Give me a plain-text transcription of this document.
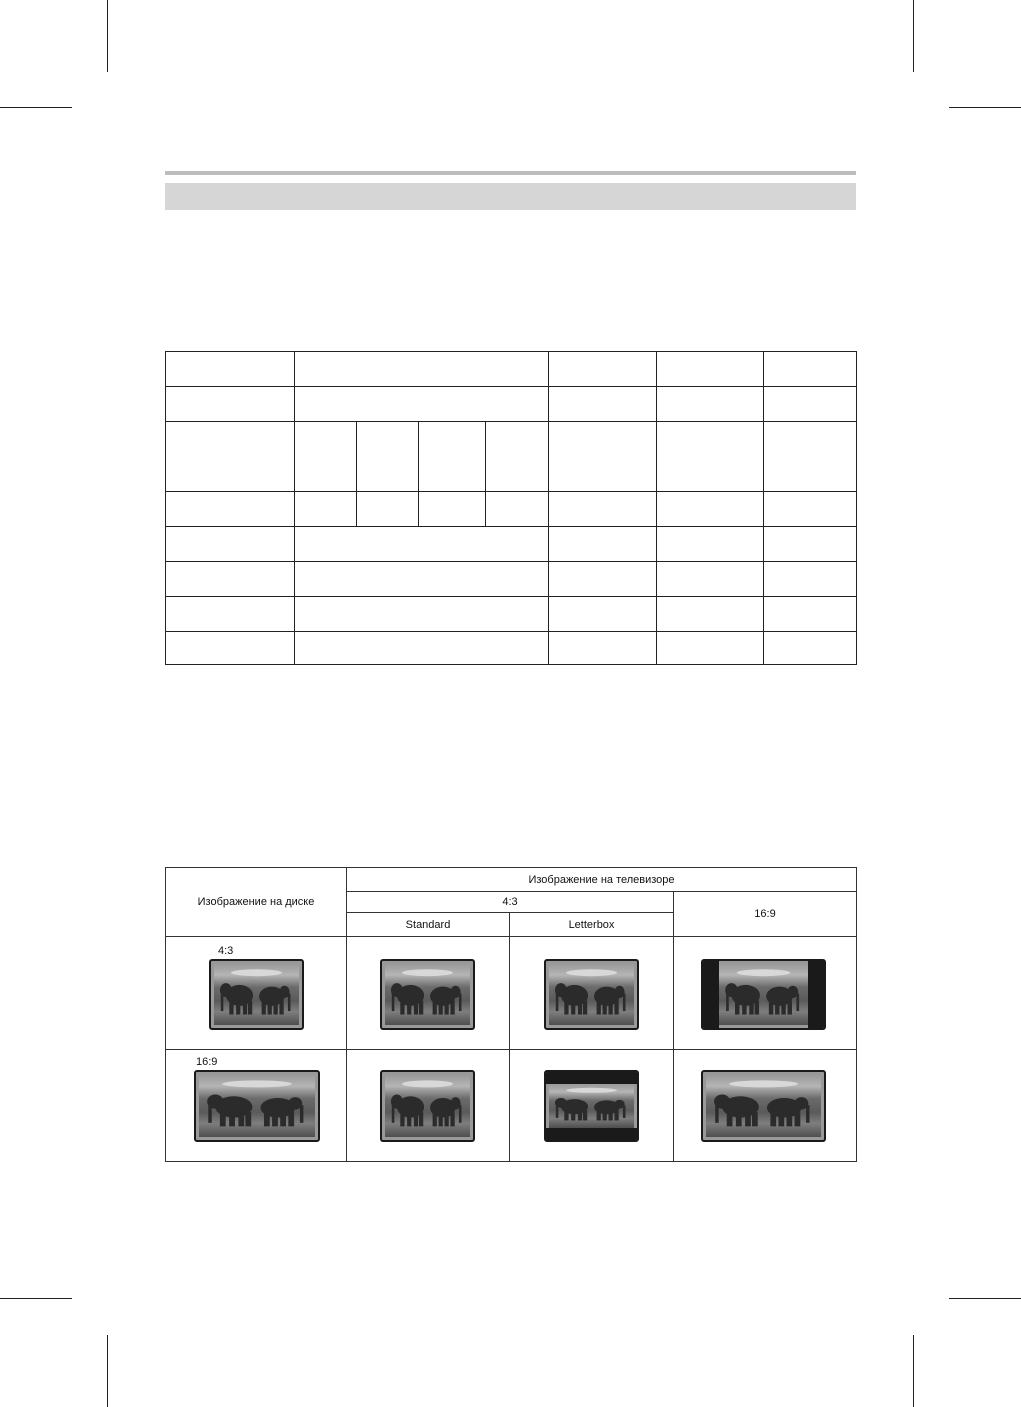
Изображение на диске	Изображение на телевизоре		
	4:3		16:9
	Standard	Letterbox	

4:3

16:9
